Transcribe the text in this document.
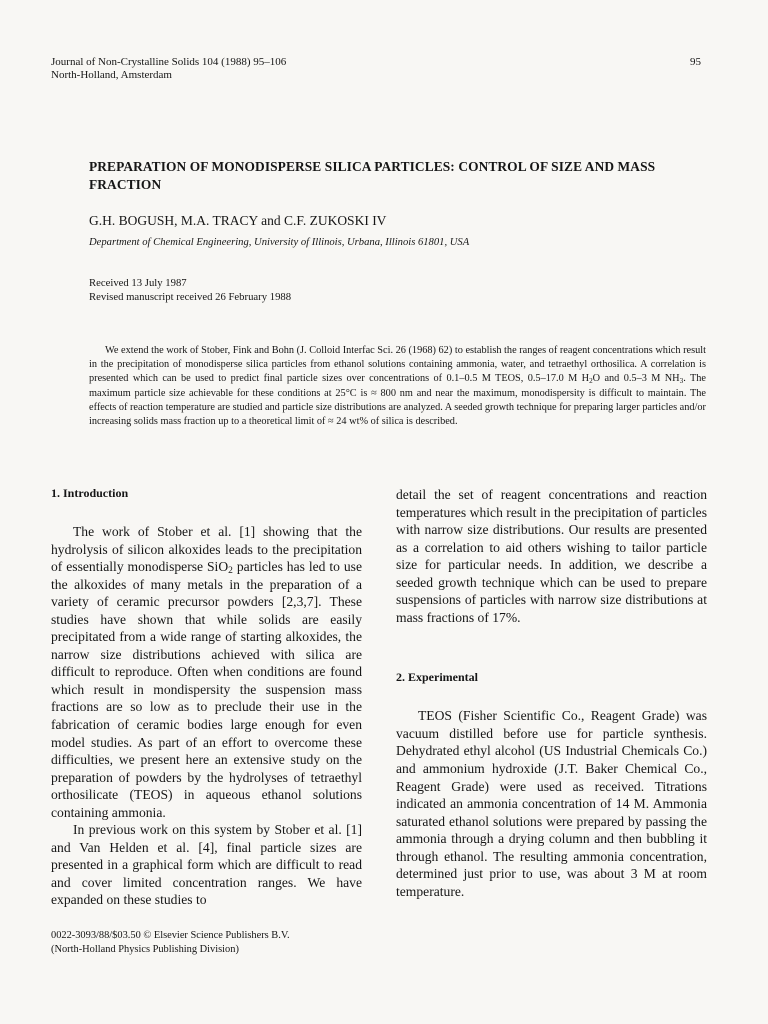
Journal of Non-Crystalline Solids 104 (1988) 95–106
North-Holland, Amsterdam
95
PREPARATION OF MONODISPERSE SILICA PARTICLES: CONTROL OF SIZE AND MASS
FRACTION
G.H. BOGUSH, M.A. TRACY and C.F. ZUKOSKI IV
Department of Chemical Engineering, University of Illinois, Urbana, Illinois 61801, USA
Received 13 July 1987
Revised manuscript received 26 February 1988

We extend the work of Stober, Fink and Bohn (J. Colloid Interfac Sci. 26 (1968) 62) to establish the ranges of reagent concentrations which result in the precipitation of monodisperse silica particles from ethanol solutions containing ammonia, water, and tetraethyl orthosilica. A correlation is presented which can be used to predict final particle sizes over concentrations of 0.1–0.5 M TEOS, 0.5–17.0 M $H_2O$ and 0.5–3 M $NH_3$. The maximum particle size achievable for these conditions at 25°C is ≈ 800 nm and near the maximum, monodispersity is difficult to maintain. The effects of reaction temperature are studied and particle size distributions are analyzed. A seeded growth technique for preparing larger particles and/or increasing solids mass fraction up to a theoretical limit of ≈ 24 wt% of silica is described.

1. Introduction

The work of Stober et al. [1] showing that the hydrolysis of silicon alkoxides leads to the precipitation of essentially monodisperse SiO$_2$ particles has led to use the alkoxides of many metals in the preparation of a variety of ceramic precursor powders [2,3,7]. These studies have shown that while solids are easily precipitated from a wide range of starting alkoxides, the narrow size distributions achieved with silica are difficult to reproduce. Often when conditions are found which result in mondispersity the suspension mass fractions are so low as to preclude their use in the fabrication of ceramic bodies large enough for even model studies. As part of an effort to overcome these difficulties, we present here an extensive study on the preparation of powders by the hydrolyses of tetraethyl orthosilicate (TEOS) in aqueous ethanol solutions containing ammonia.

In previous work on this system by Stober et al. [1] and Van Helden et al. [4], final particle sizes are presented in a graphical form which are difficult to read and cover limited concentration ranges. We have expanded on these studies to

detail the set of reagent concentrations and reaction temperatures which result in the precipitation of particles with narrow size distributions. Our results are presented as a correlation to aid others wishing to tailor particle size for particular needs. In addition, we describe a seeded growth technique which can be used to prepare suspensions of particles with narrow size distributions at mass fractions of 17%.

2. Experimental

TEOS (Fisher Scientific Co., Reagent Grade) was vacuum distilled before use for particle synthesis. Dehydrated ethyl alcohol (US Industrial Chemicals Co.) and ammonium hydroxide (J.T. Baker Chemical Co., Reagent Grade) were used as received. Titrations indicated an ammonia concentration of 14 M. Ammonia saturated ethanol solutions were prepared by passing the ammonia through a drying column and then bubbling it through ethanol. The resulting ammonia concentration, determined just prior to use, was about 3 M at room temperature.

0022-3093/88/$03.50 © Elsevier Science Publishers B.V.
(North-Holland Physics Publishing Division)
